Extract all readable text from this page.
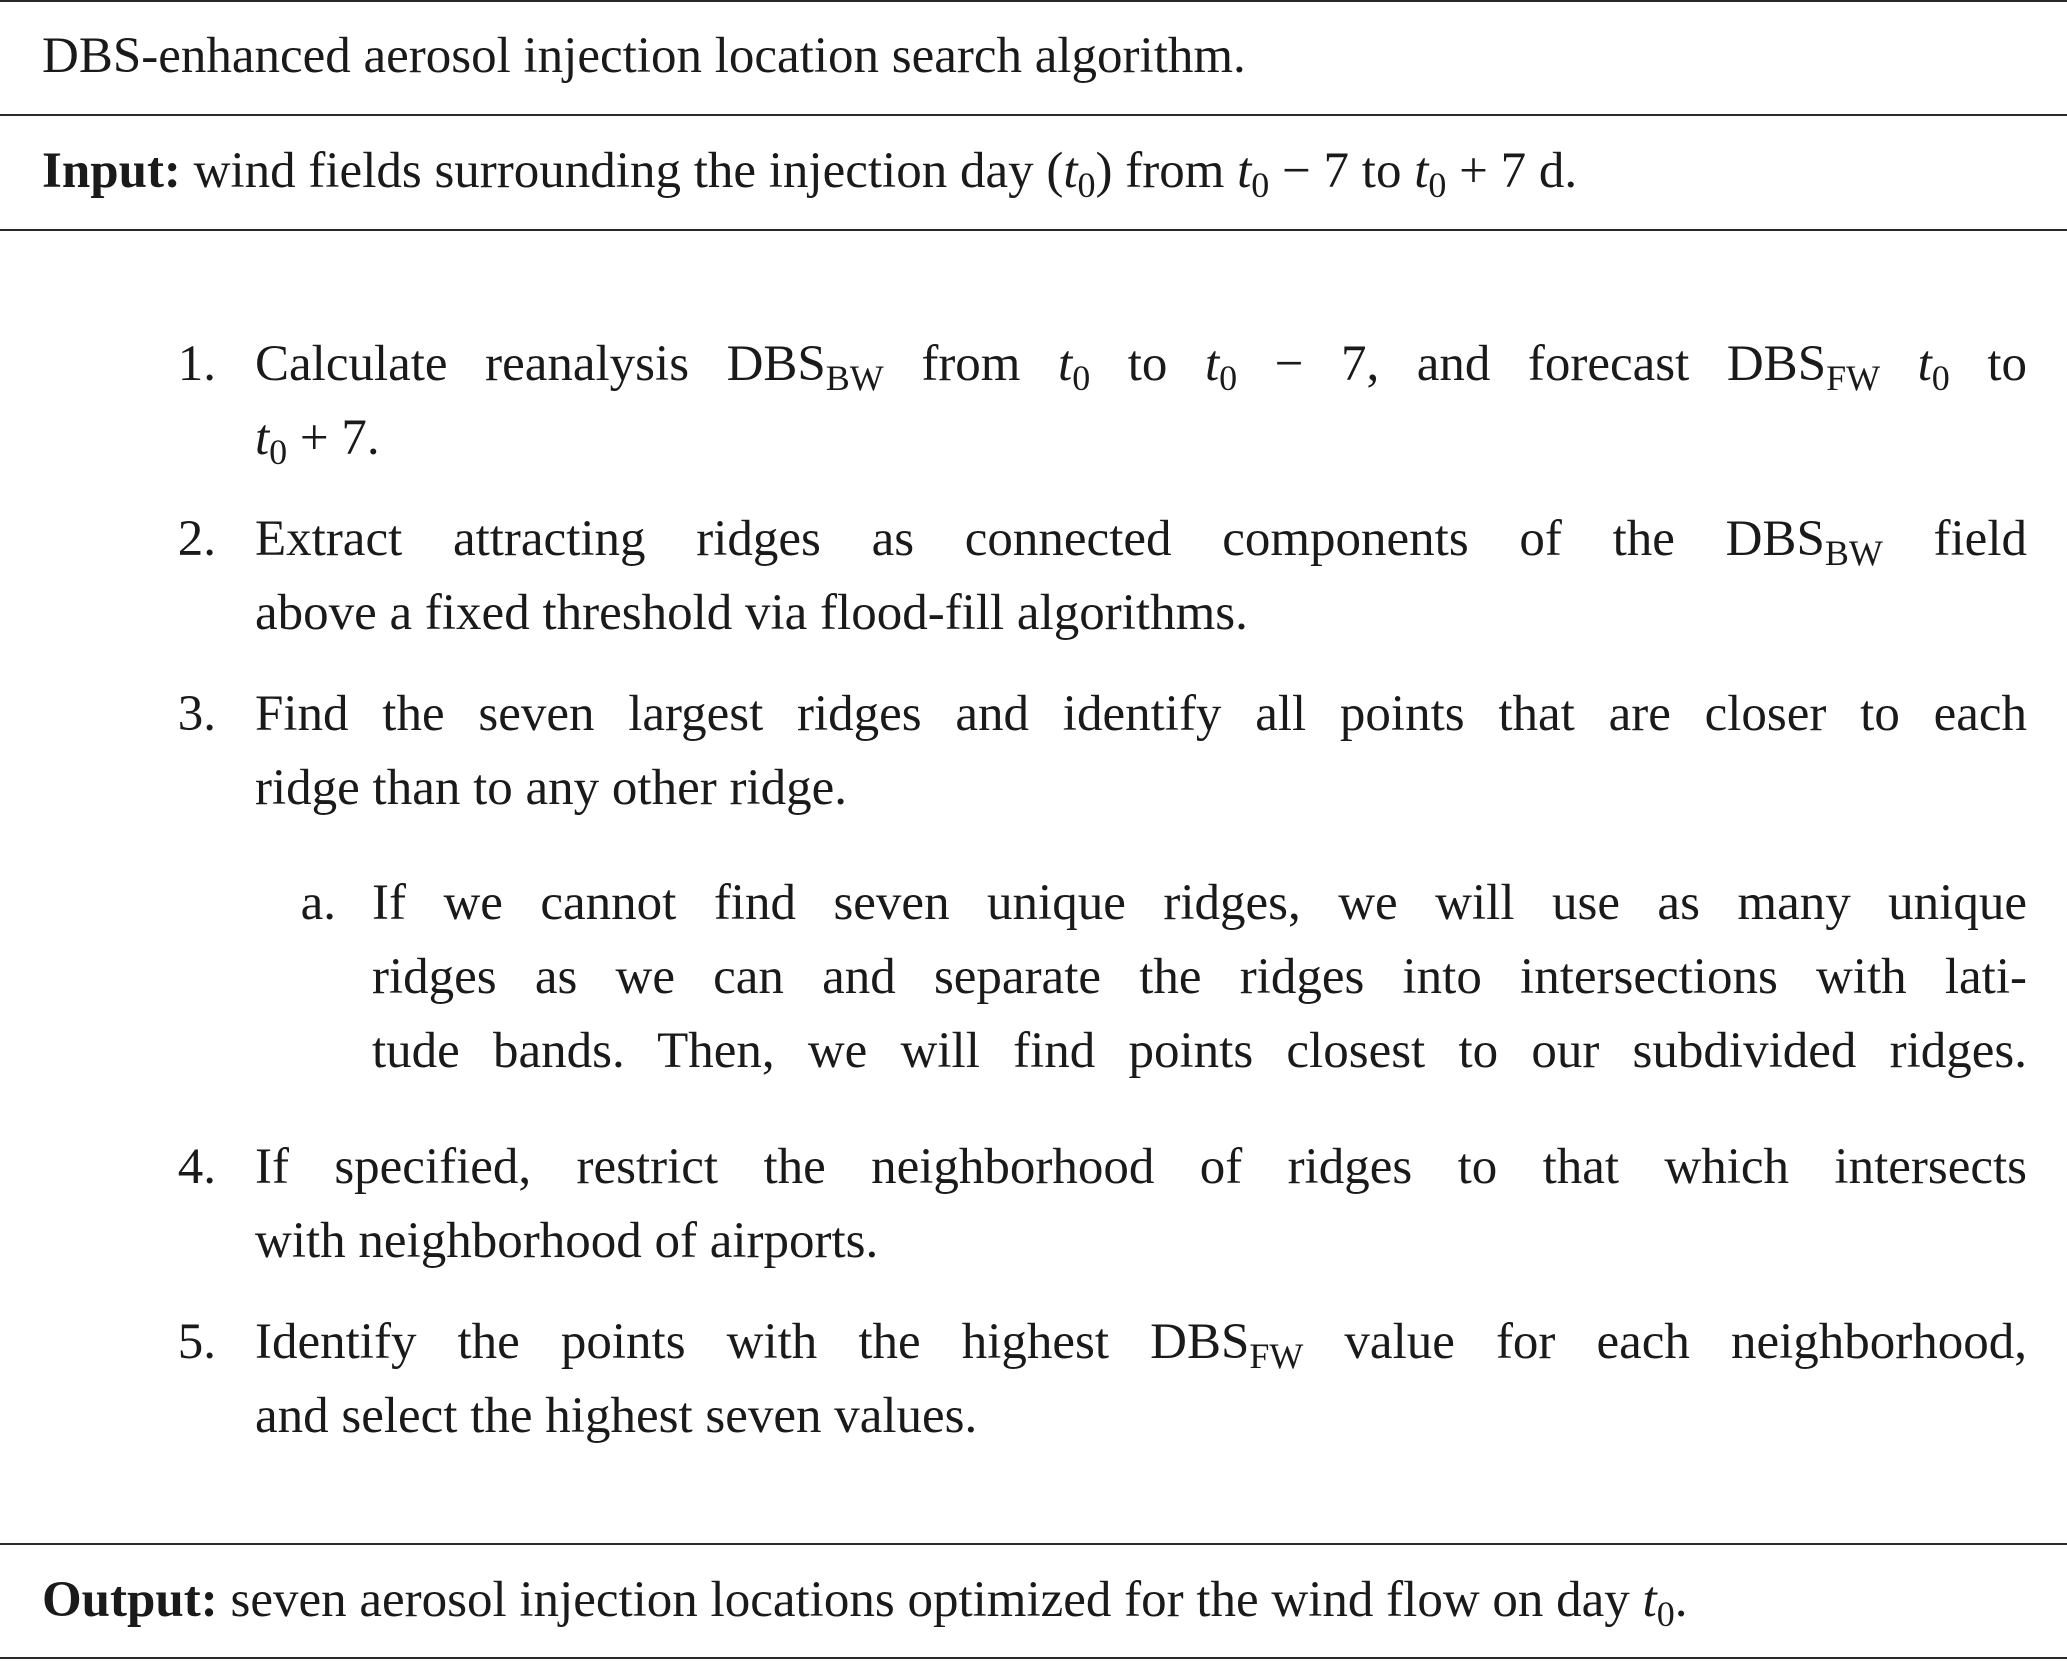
DBS-enhanced aerosol injection location search algorithm.
Input: wind fields surrounding the injection day $(t_0)$ from $t_0 - 7$ to $t_0 + 7$ d.
1. Calculate reanalysis $DBS_{BW}$ from $t_0$ to $t_0 - 7$, and forecast $DBS_{FW}$ $t_0$ to
$t_0 + 7$.
2. Extract attracting ridges as connected components of the $DBS_{BW}$ field
above a fixed threshold via flood-fill algorithms.
3. Find the seven largest ridges and identify all points that are closer to each
ridge than to any other ridge.
a. If we cannot find seven unique ridges, we will use as many unique
ridges as we can and separate the ridges into intersections with lati-
tude bands. Then, we will find points closest to our subdivided ridges.
4. If specified, restrict the neighborhood of ridges to that which intersects
with neighborhood of airports.
5. Identify the points with the highest $DBS_{FW}$ value for each neighborhood,
and select the highest seven values.
Output: seven aerosol injection locations optimized for the wind flow on day $t_0$.
